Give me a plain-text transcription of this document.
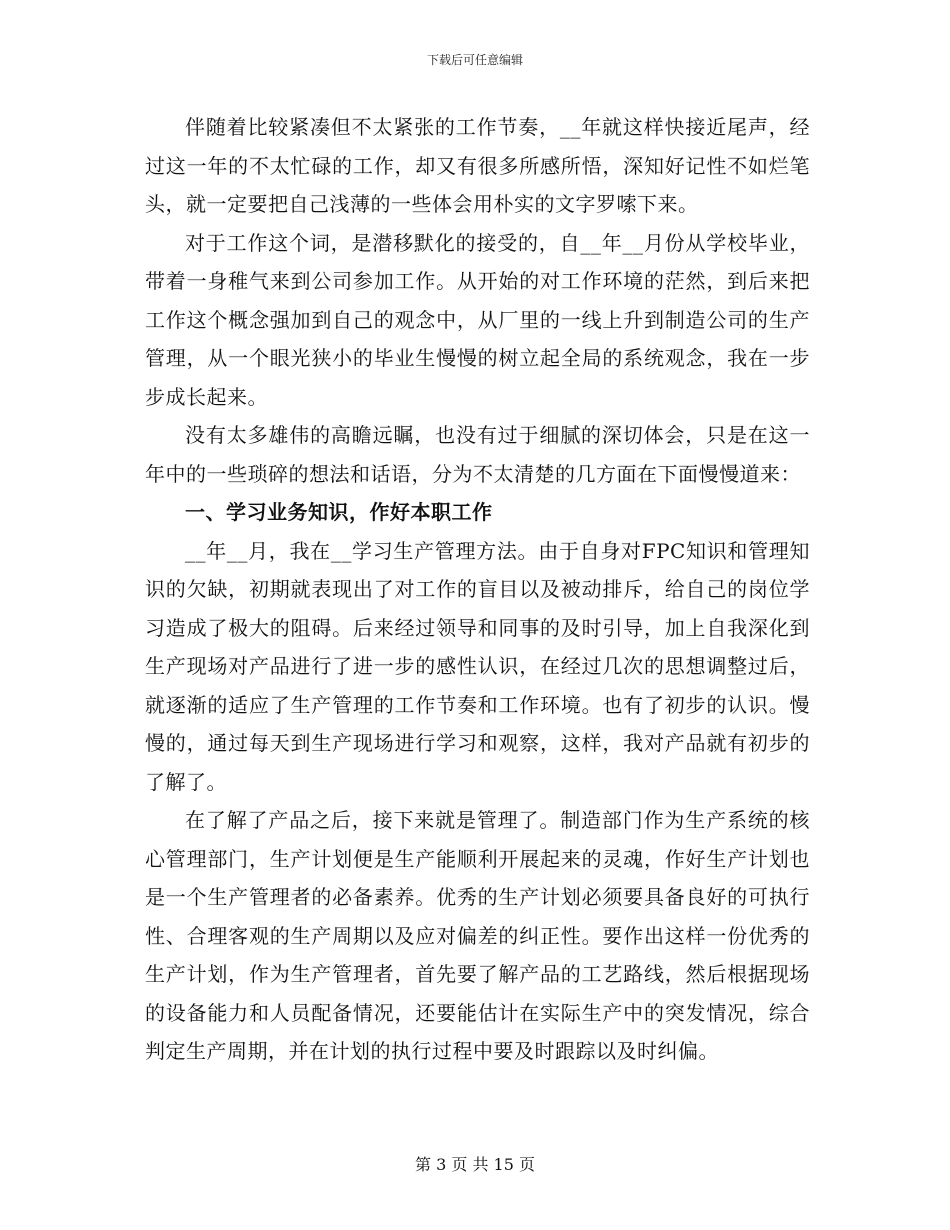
下载后可任意编辑

伴随着比较紧凑但不太紧张的工作节奏，__年就这样快接近尾声，经过这一年的不太忙碌的工作，却又有很多所感所悟，深知好记性不如烂笔头，就一定要把自己浅薄的一些体会用朴实的文字罗嗦下来。

对于工作这个词，是潜移默化的接受的，自__年__月份从学校毕业，带着一身稚气来到公司参加工作。从开始的对工作环境的茫然，到后来把工作这个概念强加到自己的观念中，从厂里的一线上升到制造公司的生产管理，从一个眼光狭小的毕业生慢慢的树立起全局的系统观念，我在一步步成长起来。

没有太多雄伟的高瞻远瞩，也没有过于细腻的深切体会，只是在这一年中的一些琐碎的想法和话语，分为不太清楚的几方面在下面慢慢道来：

一、学习业务知识，作好本职工作

__年__月，我在__学习生产管理方法。由于自身对FPC知识和管理知识的欠缺，初期就表现出了对工作的盲目以及被动排斥，给自己的岗位学习造成了极大的阻碍。后来经过领导和同事的及时引导，加上自我深化到生产现场对产品进行了进一步的感性认识，在经过几次的思想调整过后，就逐渐的适应了生产管理的工作节奏和工作环境。也有了初步的认识。慢慢的，通过每天到生产现场进行学习和观察，这样，我对产品就有初步的了解了。

在了解了产品之后，接下来就是管理了。制造部门作为生产系统的核心管理部门，生产计划便是生产能顺利开展起来的灵魂，作好生产计划也是一个生产管理者的必备素养。优秀的生产计划必须要具备良好的可执行性、合理客观的生产周期以及应对偏差的纠正性。要作出这样一份优秀的生产计划，作为生产管理者，首先要了解产品的工艺路线，然后根据现场的设备能力和人员配备情况，还要能估计在实际生产中的突发情况，综合判定生产周期，并在计划的执行过程中要及时跟踪以及时纠偏。

第 3 页 共 15 页
